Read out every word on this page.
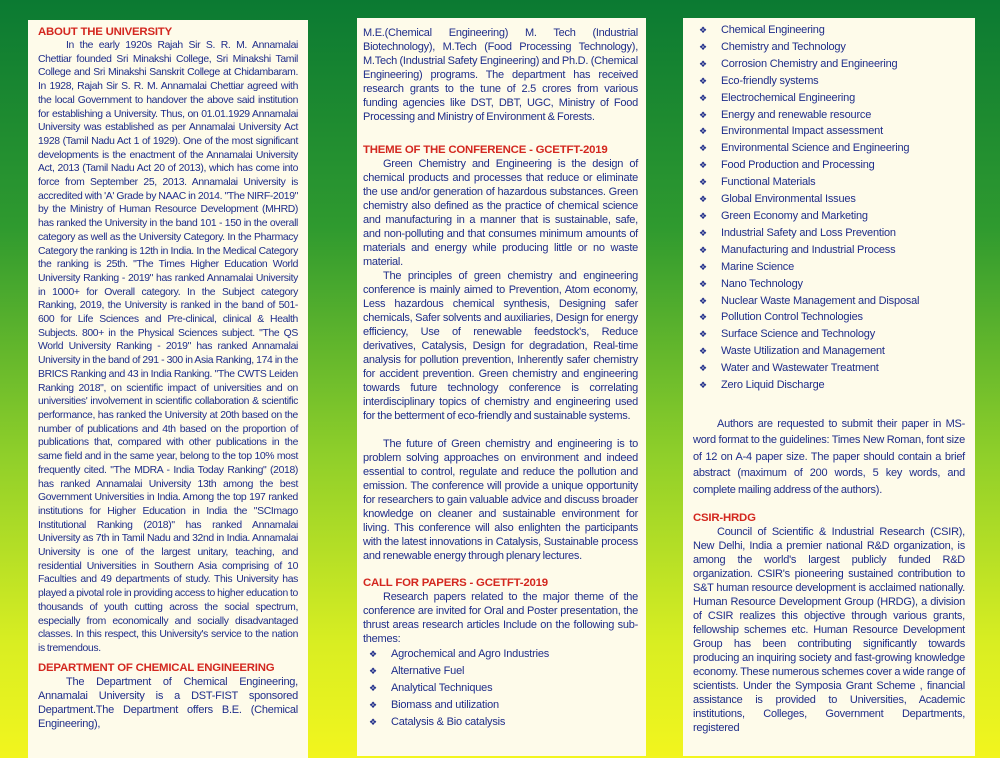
ABOUT THE UNIVERSITY

In the early 1920s Rajah Sir S. R. M. Annamalai Chettiar founded Sri Minakshi College, Sri Minakshi Tamil College and Sri Minakshi Sanskrit College at Chidambaram. In 1928, Rajah Sir S. R. M. Annamalai Chettiar agreed with the local Government to handover the above said institution for establishing a University. Thus, on 01.01.1929 Annamalai University was established as per Annamalai University Act 1928 (Tamil Nadu Act 1 of 1929). One of the most significant developments is the enactment of the Annamalai University Act, 2013 (Tamil Nadu Act 20 of 2013), which has come into force from September 25, 2013. Annamalai University is accredited with 'A' Grade by NAAC in 2014. "The NIRF-2019" by the Ministry of Human Resource Development (MHRD) has ranked the University in the band 101 - 150 in the overall category as well as the University Category. In the Pharmacy Category the ranking is 12th in India. In the Medical Category the ranking is 25th. "The Times Higher Education World University Ranking - 2019" has ranked Annamalai University in 1000+ for Overall category. In the Subject category Ranking, 2019, the University is ranked in the band of 501-600 for Life Sciences and Pre-clinical, clinical & Health Subjects. 800+ in the Physical Sciences subject. "The QS World University Ranking - 2019" has ranked Annamalai University in the band of 291 - 300 in Asia Ranking, 174 in the BRICS Ranking and 43 in India Ranking. "The CWTS Leiden Ranking 2018", on scientific impact of universities and on universities' involvement in scientific collaboration & scientific performance, has ranked the University at 20th based on the number of publications and 4th based on the proportion of publications that, compared with other publications in the same field and in the same year, belong to the top 10% most frequently cited. "The MDRA - India Today Ranking" (2018) has ranked Annamalai University 13th among the best Government Universities in India. Among the top 197 ranked institutions for Higher Education in India the "SCImago Institutional Ranking (2018)" has ranked Annamalai University as 7th in Tamil Nadu and 32nd in India. Annamalai University is one of the largest unitary, teaching, and residential Universities in Southern Asia comprising of 10 Faculties and 49 departments of study. This University has played a pivotal role in providing access to higher education to thousands of youth cutting across the social spectrum, especially from economically and socially disadvantaged classes. In this respect, this University's service to the nation is tremendous.

DEPARTMENT OF CHEMICAL ENGINEERING

The Department of Chemical Engineering, Annamalai University is a DST-FIST sponsored Department.The Department offers B.E. (Chemical Engineering),

M.E.(Chemical Engineering) M. Tech (Industrial Biotechnology), M.Tech (Food Processing Technology), M.Tech (Industrial Safety Engineering) and Ph.D. (Chemical Engineering) programs. The department has received research grants to the tune of 2.5 crores from various funding agencies like DST, DBT, UGC, Ministry of Food Processing and Ministry of Environment & Forests.

THEME OF THE CONFERENCE - GCETFT-2019

Green Chemistry and Engineering is the design of chemical products and processes that reduce or eliminate the use and/or generation of hazardous substances. Green chemistry also defined as the practice of chemical science and manufacturing in a manner that is sustainable, safe, and non-polluting and that consumes minimum amounts of materials and energy while producing little or no waste material.

The principles of green chemistry and engineering conference is mainly aimed to Prevention, Atom economy, Less hazardous chemical synthesis, Designing safer chemicals, Safer solvents and auxiliaries, Design for energy efficiency, Use of renewable feedstock's, Reduce derivatives, Catalysis, Design for degradation, Real-time analysis for pollution prevention, Inherently safer chemistry for accident prevention. Green chemistry and engineering towards future technology conference is correlating interdisciplinary topics of chemistry and engineering used for the betterment of eco-friendly and sustainable systems.

The future of Green chemistry and engineering is to problem solving approaches on environment and indeed essential to control, regulate and reduce the pollution and emission. The conference will provide a unique opportunity for researchers to gain valuable advice and discuss broader knowledge on cleaner and sustainable environment for living. This conference will also enlighten the participants with the latest innovations in Catalysis, Sustainable process and renewable energy through plenary lectures.

CALL FOR PAPERS - GCETFT-2019

Research papers related to the major theme of the conference are invited for Oral and Poster presentation, the thrust areas research articles Include on the following sub-themes:

❖ Agrochemical and Agro Industries
❖ Alternative Fuel
❖ Analytical Techniques
❖ Biomass and utilization
❖ Catalysis & Bio catalysis
❖ Chemical Engineering
❖ Chemistry and Technology
❖ Corrosion Chemistry and Engineering
❖ Eco-friendly systems
❖ Electrochemical Engineering
❖ Energy and renewable resource
❖ Environmental Impact assessment
❖ Environmental Science and Engineering
❖ Food Production and Processing
❖ Functional Materials
❖ Global Environmental Issues
❖ Green Economy and Marketing
❖ Industrial Safety and Loss Prevention
❖ Manufacturing and Industrial Process
❖ Marine Science
❖ Nano Technology
❖ Nuclear Waste Management and Disposal
❖ Pollution Control Technologies
❖ Surface Science and Technology
❖ Waste Utilization and Management
❖ Water and Wastewater Treatment
❖ Zero Liquid Discharge

Authors are requested to submit their paper in MS-word format to the guidelines: Times New Roman, font size of 12 on A-4 paper size. The paper should contain a brief abstract (maximum of 200 words, 5 key words, and complete mailing address of the authors).

CSIR-HRDG

Council of Scientific & Industrial Research (CSIR), New Delhi, India a premier national R&D organization, is among the world's largest publicly funded R&D organization. CSIR's pioneering sustained contribution to S&T human resource development is acclaimed nationally. Human Resource Development Group (HRDG), a division of CSIR realizes this objective through various grants, fellowship schemes etc. Human Resource Development Group has been contributing significantly towards producing an inquiring society and fast-growing knowledge economy. These numerous schemes cover a wide range of scientists. Under the Symposia Grant Scheme , financial assistance is provided to Universities, Academic institutions, Colleges, Government Departments, registered
